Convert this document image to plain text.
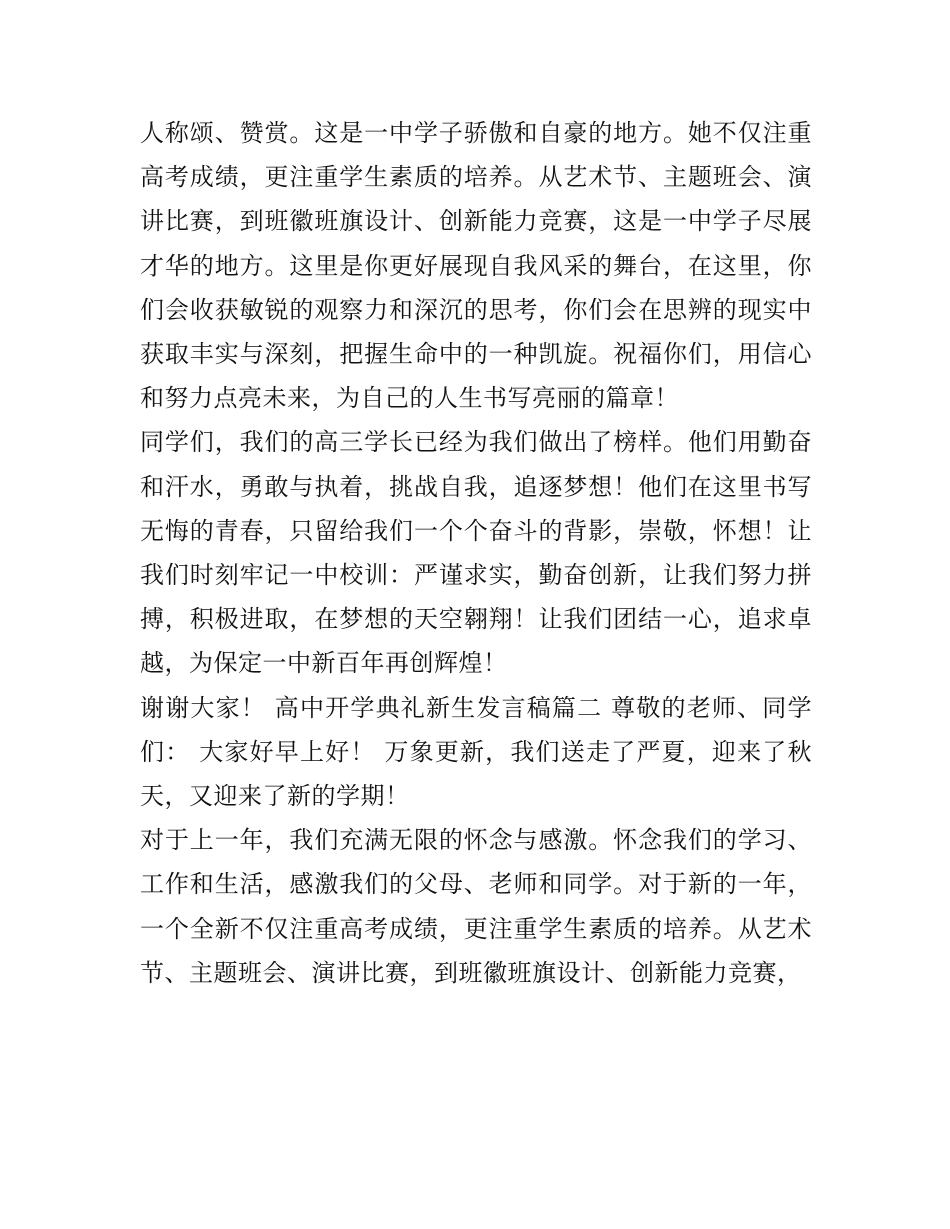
人称颂、赞赏。这是一中学子骄傲和自豪的地方。她不仅注重高考成绩，更注重学生素质的培养。从艺术节、主题班会、演讲比赛，到班徽班旗设计、创新能力竞赛，这是一中学子尽展才华的地方。这里是你更好展现自我风采的舞台，在这里，你们会收获敏锐的观察力和深沉的思考，你们会在思辨的现实中获取丰实与深刻，把握生命中的一种凯旋。祝福你们，用信心和努力点亮未来，为自己的人生书写亮丽的篇章！

同学们，我们的高三学长已经为我们做出了榜样。他们用勤奋和汗水，勇敢与执着，挑战自我，追逐梦想！他们在这里书写无悔的青春，只留给我们一个个奋斗的背影，崇敬，怀想！让我们时刻牢记一中校训：严谨求实，勤奋创新，让我们努力拼搏，积极进取，在梦想的天空翱翔！让我们团结一心，追求卓越，为保定一中新百年再创辉煌！

谢谢大家！ 高中开学典礼新生发言稿篇二 尊敬的老师、同学们： 大家好早上好！ 万象更新，我们送走了严夏，迎来了秋天，又迎来了新的学期！

对于上一年，我们充满无限的怀念与感激。怀念我们的学习、工作和生活，感激我们的父母、老师和同学。对于新的一年，一个全新不仅注重高考成绩，更注重学生素质的培养。从艺术节、主题班会、演讲比赛，到班徽班旗设计、创新能力竞赛，
